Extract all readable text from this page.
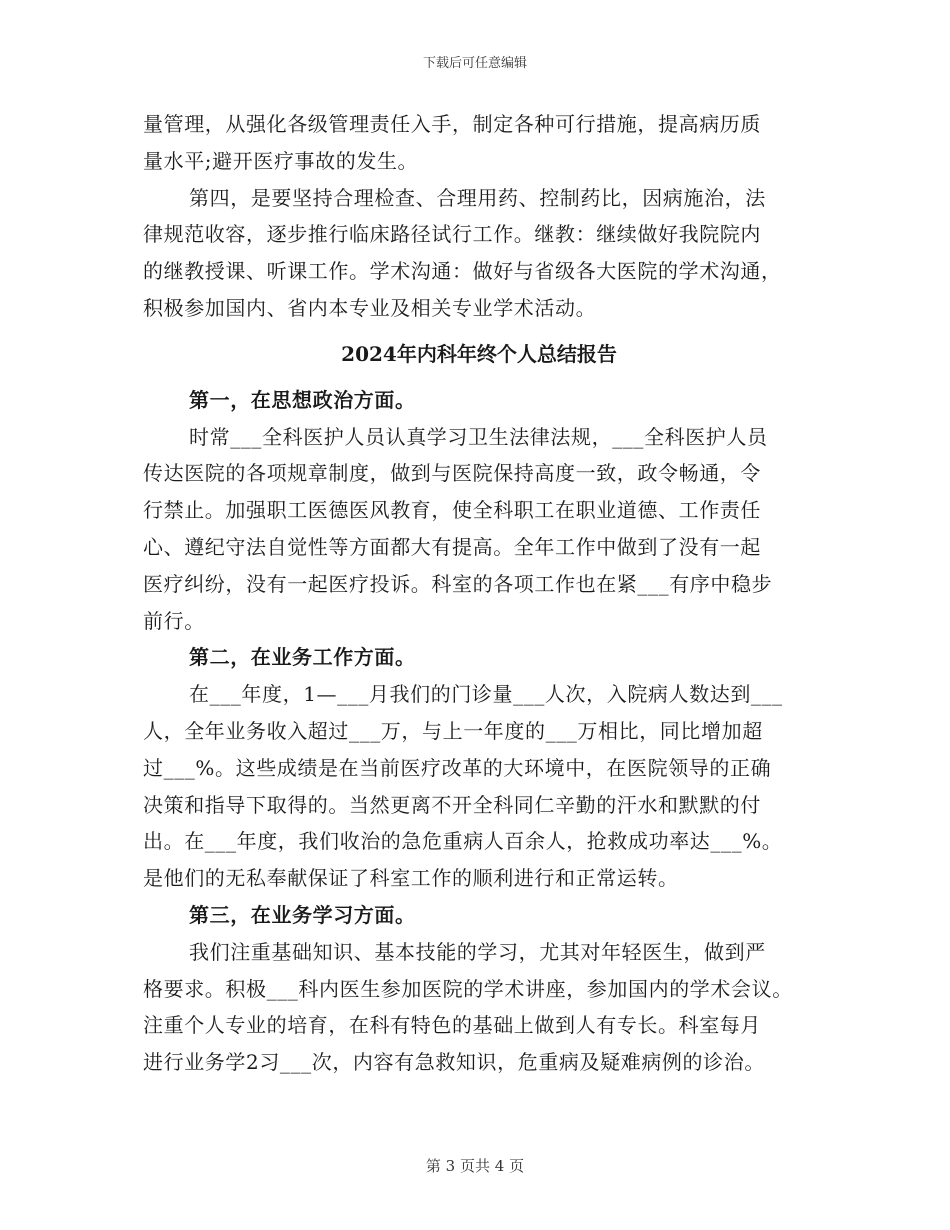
下载后可任意编辑
量管理，从强化各级管理责任入手，制定各种可行措施，提高病历质
量水平;避开医疗事故的发生。
第四，是要坚持合理检查、合理用药、控制药比，因病施治，法
律规范收容，逐步推行临床路径试行工作。继教：继续做好我院院内
的继教授课、听课工作。学术沟通：做好与省级各大医院的学术沟通，
积极参加国内、省内本专业及相关专业学术活动。
2024年内科年终个人总结报告
第一，在思想政治方面。
时常___全科医护人员认真学习卫生法律法规，___全科医护人员
传达医院的各项规章制度，做到与医院保持高度一致，政令畅通，令
行禁止。加强职工医德医风教育，使全科职工在职业道德、工作责任
心、遵纪守法自觉性等方面都大有提高。全年工作中做到了没有一起
医疗纠纷，没有一起医疗投诉。科室的各项工作也在紧___有序中稳步
前行。
第二，在业务工作方面。
在___年度，1—___月我们的门诊量___人次，入院病人数达到___
人，全年业务收入超过___万，与上一年度的___万相比，同比增加超
过___%。这些成绩是在当前医疗改革的大环境中，在医院领导的正确
决策和指导下取得的。当然更离不开全科同仁辛勤的汗水和默默的付
出。在___年度，我们收治的急危重病人百余人，抢救成功率达___%。
是他们的无私奉献保证了科室工作的顺利进行和正常运转。
第三，在业务学习方面。
我们注重基础知识、基本技能的学习，尤其对年轻医生，做到严
格要求。积极___科内医生参加医院的学术讲座，参加国内的学术会议。
注重个人专业的培育，在科有特色的基础上做到人有专长。科室每月
进行业务学2习___次，内容有急救知识，危重病及疑难病例的诊治。
第 3 页共 4 页
